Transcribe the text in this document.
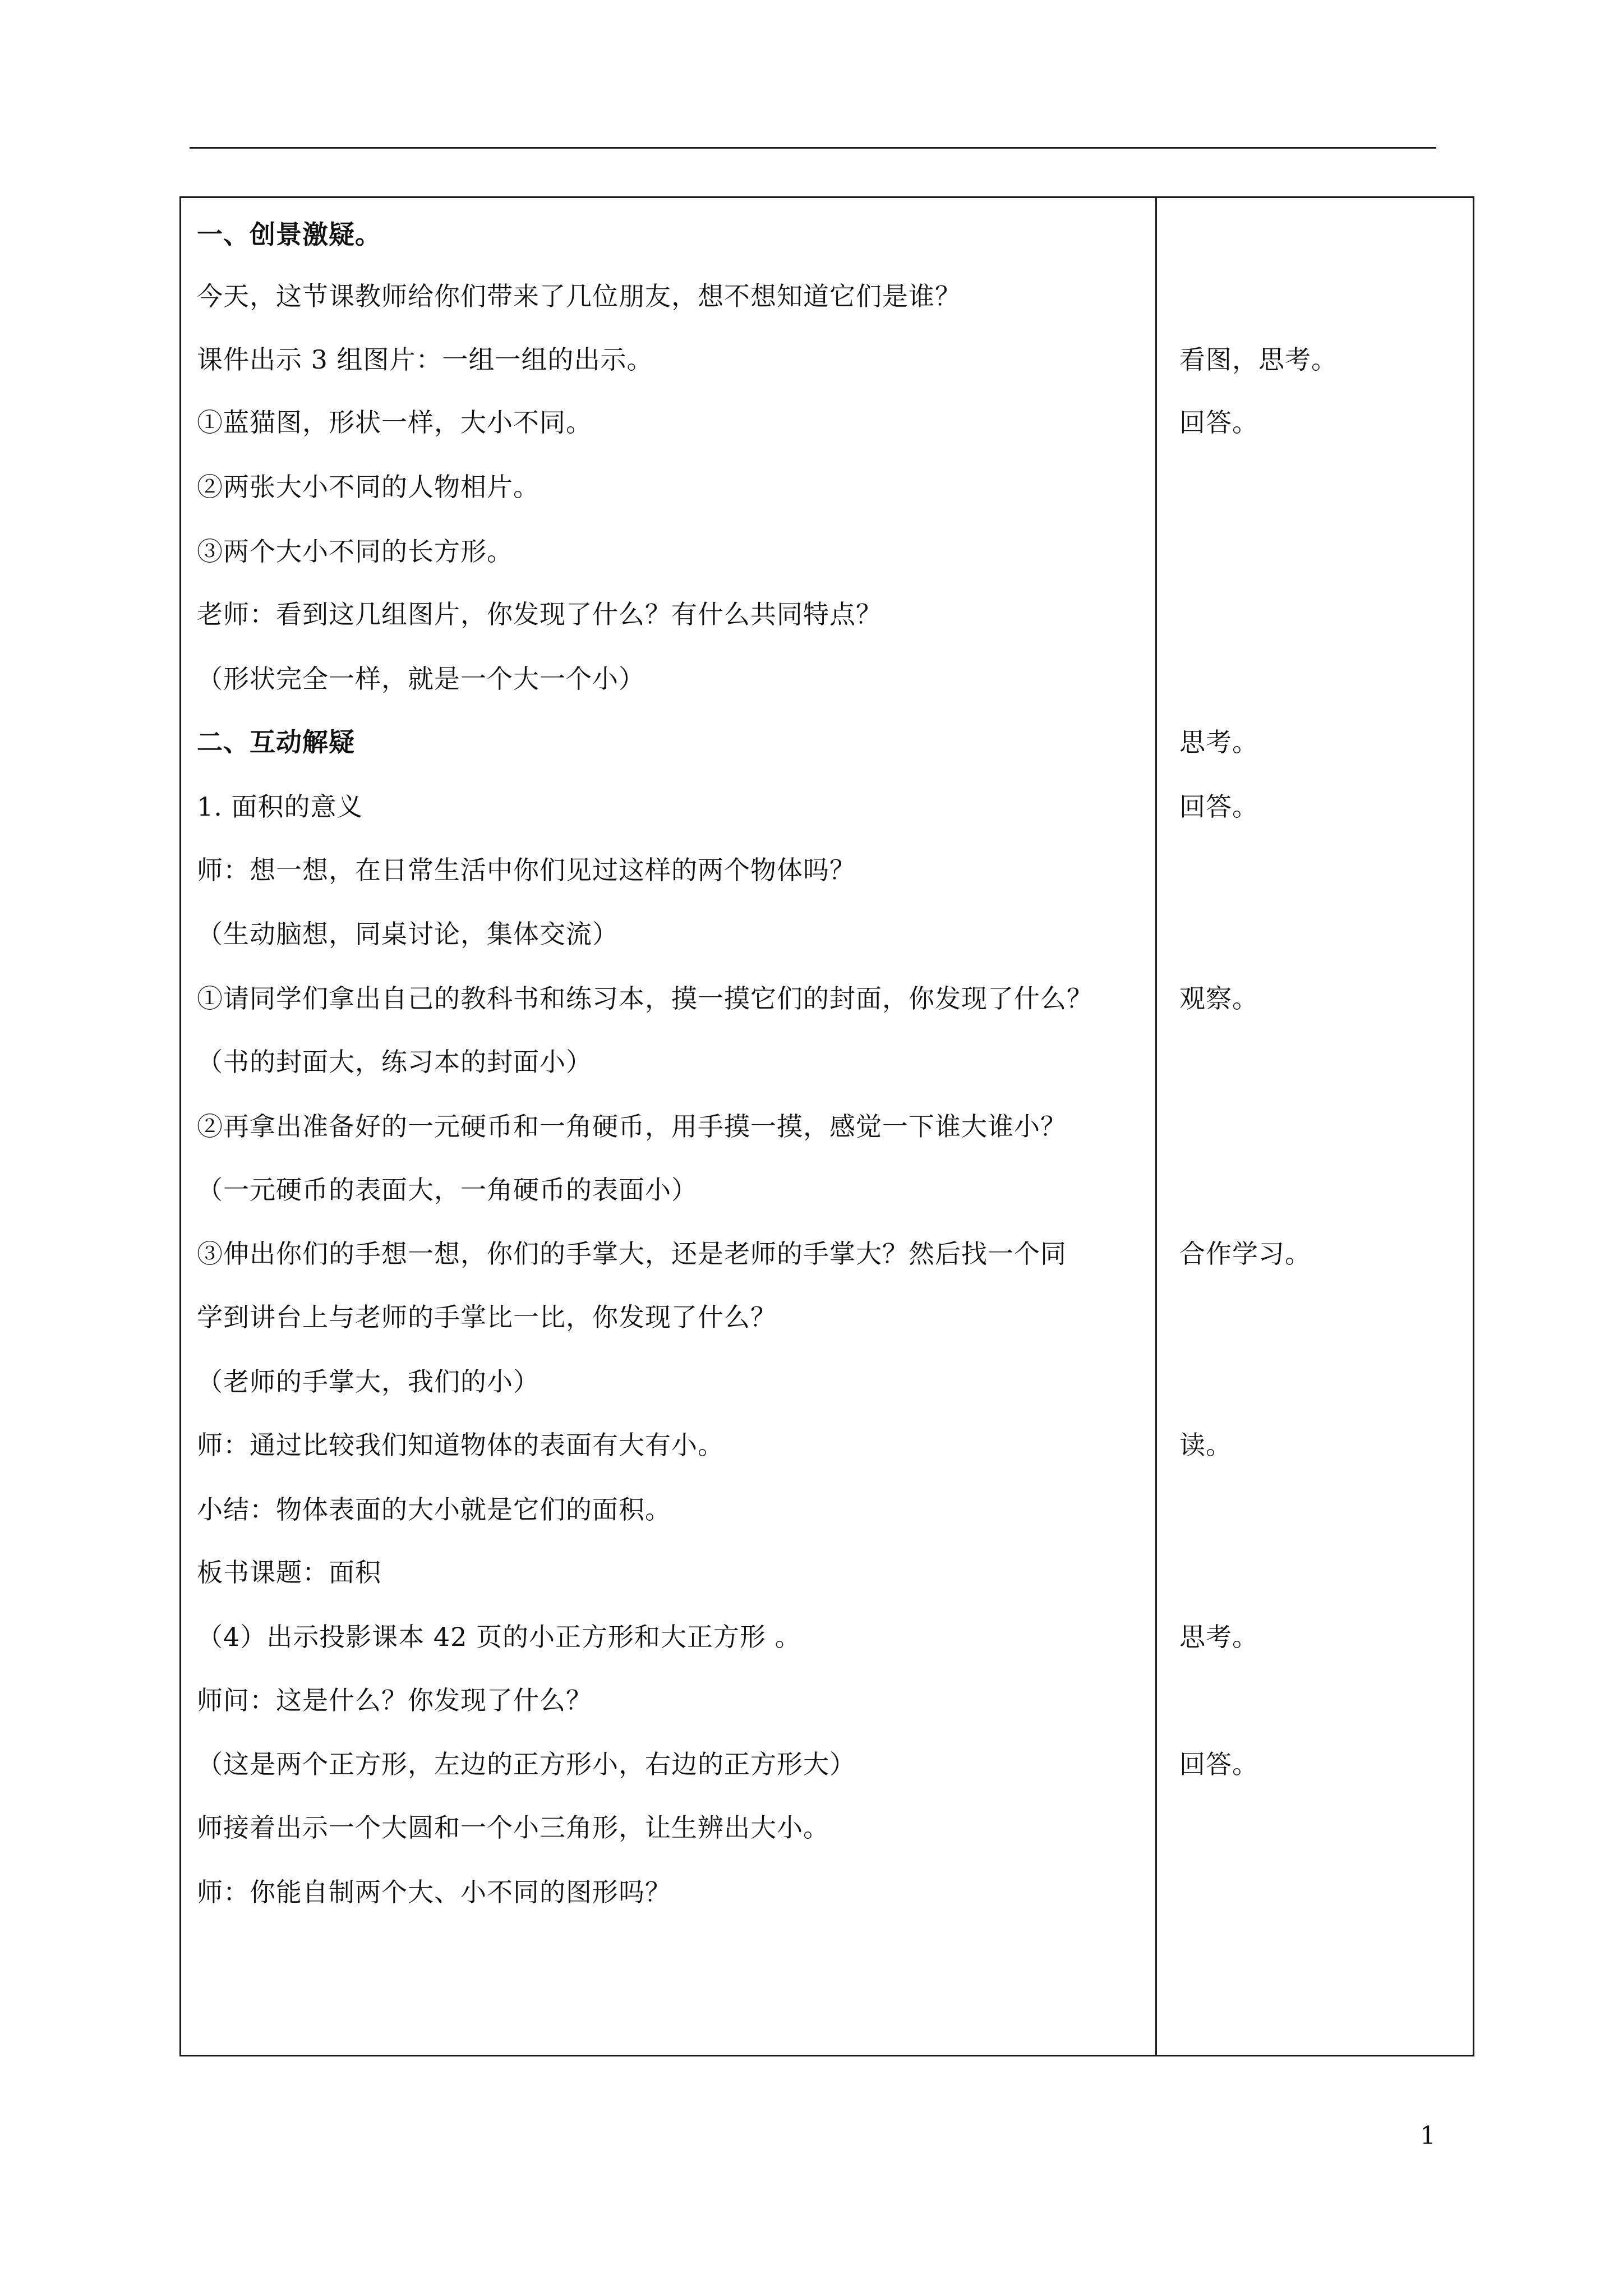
一、创景激疑。
今天，这节课教师给你们带来了几位朋友，想不想知道它们是谁？
课件出示 3 组图片：一组一组的出示。
①蓝猫图，形状一样，大小不同。
②两张大小不同的人物相片。
③两个大小不同的长方形。
老师：看到这几组图片，你发现了什么？有什么共同特点？
（形状完全一样，就是一个大一个小）
二、互动解疑
1. 面积的意义
师：想一想，在日常生活中你们见过这样的两个物体吗？
（生动脑想，同桌讨论，集体交流）
①请同学们拿出自己的教科书和练习本，摸一摸它们的封面，你发现了什么？
（书的封面大，练习本的封面小）
②再拿出准备好的一元硬币和一角硬币，用手摸一摸，感觉一下谁大谁小？
（一元硬币的表面大，一角硬币的表面小）
③伸出你们的手想一想，你们的手掌大，还是老师的手掌大？然后找一个同
学到讲台上与老师的手掌比一比，你发现了什么？
（老师的手掌大，我们的小）
师：通过比较我们知道物体的表面有大有小。
小结：物体表面的大小就是它们的面积。
板书课题：面积
（4）出示投影课本 42 页的小正方形和大正方形 。
师问：这是什么？你发现了什么？
（这是两个正方形，左边的正方形小，右边的正方形大）
师接着出示一个大圆和一个小三角形，让生辨出大小。
师：你能自制两个大、小不同的图形吗？
看图，思考。
回答。
思考。
回答。
观察。
合作学习。
读。
思考。
回答。
1
